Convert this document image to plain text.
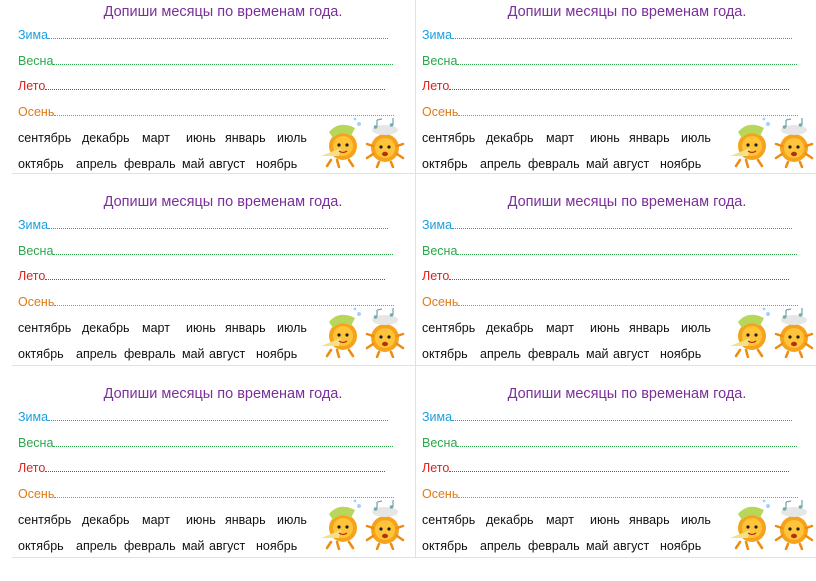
Допиши месяцы по временам года.
Зима
Весна
Лето
Осень
сентябрь декабрь март	июнь январь июль
октябрь апрель февраль май август ноябрь
Допиши месяцы по временам года.
Зима
Весна
Лето
Осень
сентябрь декабрь март	июнь январь июль
октябрь апрель февраль май август ноябрь
Допиши месяцы по временам года.
Зима
Весна
Лето
Осень
сентябрь декабрь март	июнь январь июль
октябрь апрель февраль май август ноябрь
Допиши месяцы по временам года.
Зима
Весна
Лето
Осень
сентябрь декабрь март	июнь январь июль
октябрь апрель февраль май август ноябрь
Допиши месяцы по временам года.
Зима
Весна
Лето
Осень
сентябрь декабрь март	июнь январь июль
октябрь апрель февраль май август ноябрь
Допиши месяцы по временам года.
Зима
Весна
Лето
Осень
сентябрь декабрь март	июнь январь июль
октябрь апрель февраль май август ноябрь
